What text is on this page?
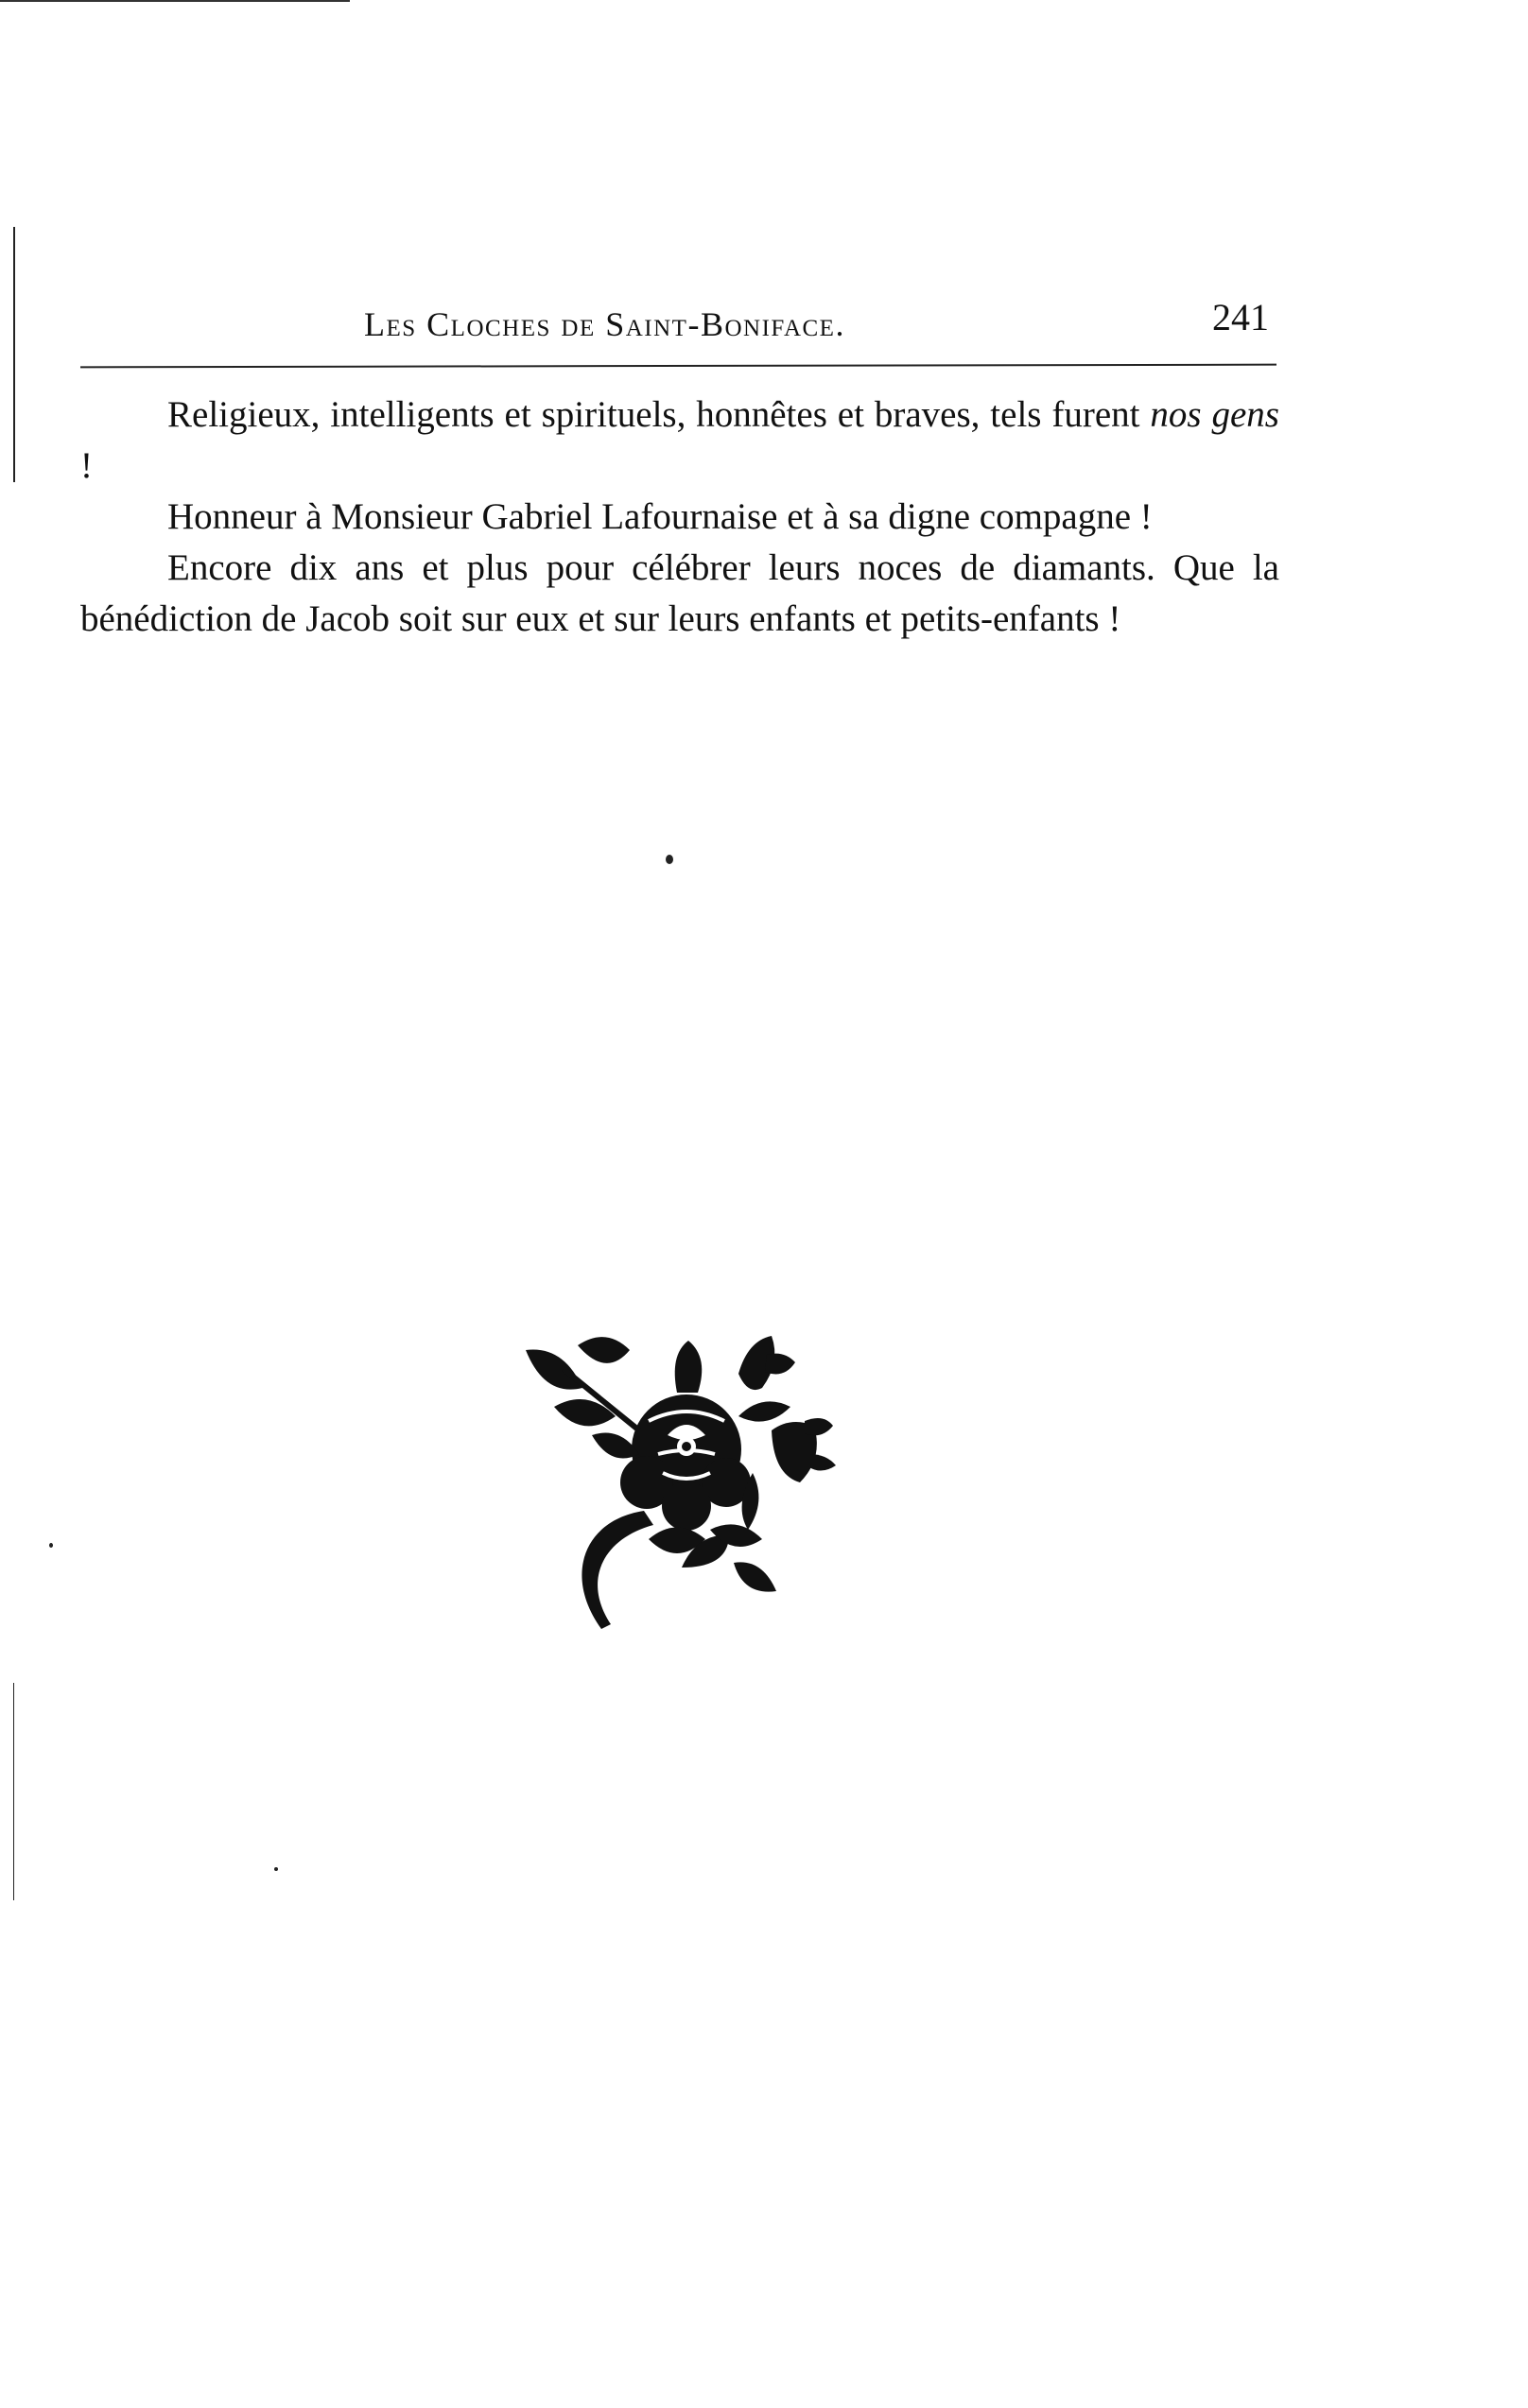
Les Cloches de Saint-Boniface.	241

Religieux, intelligents et spirituels, honnêtes et braves, tels furent nos gens !

Honneur à Monsieur Gabriel Lafournaise et à sa digne compagne !

Encore dix ans et plus pour célébrer leurs noces de diamants. Que la bénédiction de Jacob soit sur eux et sur leurs enfants et petits-enfants !
